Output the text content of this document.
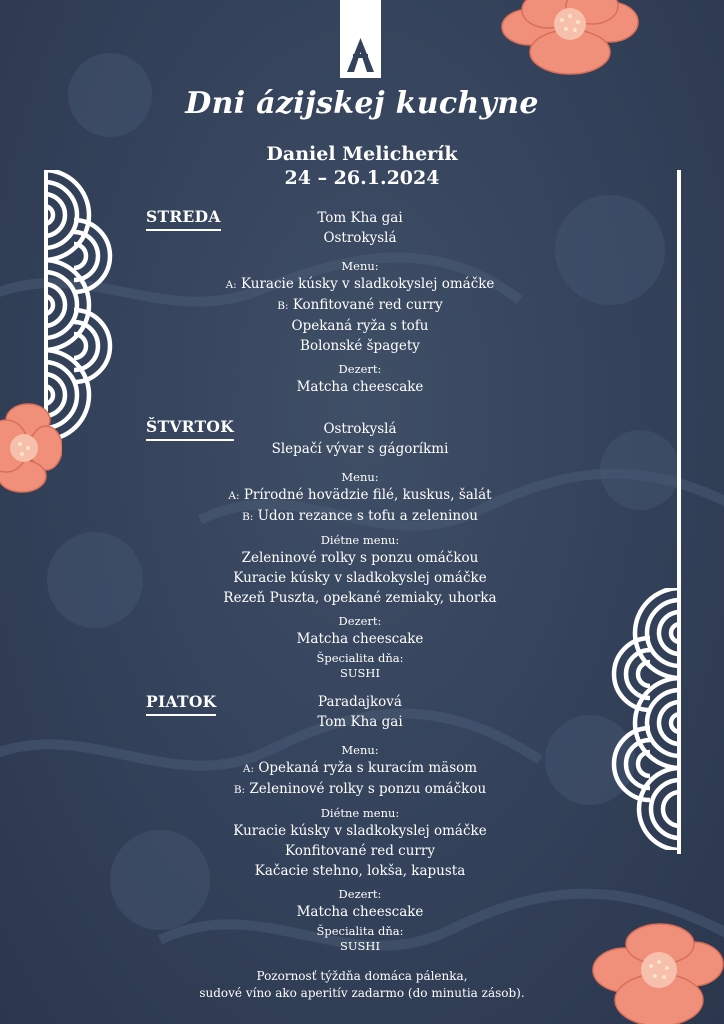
Dni ázijskej kuchyne
Daniel Melicherík
24 – 26.1.2024
STREDA	Tom Kha gai
Ostrokyslá
Menu:
A: Kuracie kúsky v sladkokyslej omáčke
B: Konfitované red curry
Opekaná ryža s tofu
Bolonské špagety
Dezert:
Matcha cheescake
ŠTVRTOK	Ostrokyslá
Slepačí vývar s gágoríkmi
Menu:
A: Prírodné hovädzie filé, kuskus, šalát
B: Udon rezance s tofu a zeleninou
Diétne menu:
Zeleninové rolky s ponzu omáčkou
Kuracie kúsky v sladkokyslej omáčke
Rezeň Puszta, opekané zemiaky, uhorka
Dezert:
Matcha cheescake
Špecialita dňa:
SUSHI
PIATOK	Paradajková
Tom Kha gai
Menu:
A: Opekaná ryža s kuracím mäsom
B: Zeleninové rolky s ponzu omáčkou
Diétne menu:
Kuracie kúsky v sladkokyslej omáčke
Konfitované red curry
Kačacie stehno, lokša, kapusta
Dezert:
Matcha cheescake
Špecialita dňa:
SUSHI
Pozornosť týždňa domáca pálenka,
sudové víno ako aperitív zadarmo (do minutia zásob).
